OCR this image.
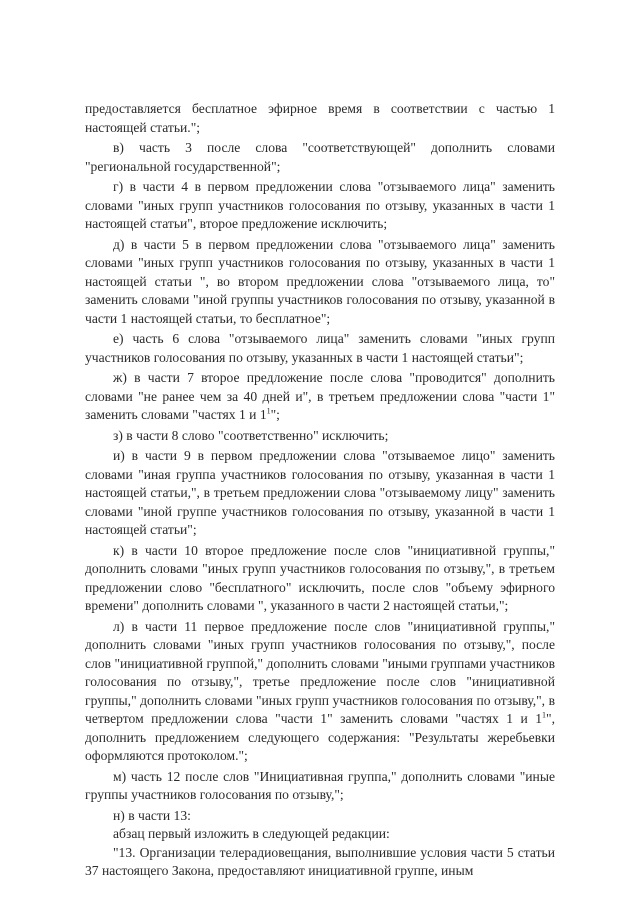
предоставляется бесплатное эфирное время в соответствии с частью 1 настоящей статьи.";

в) часть 3 после слова "соответствующей" дополнить словами "региональной государственной";

г) в части 4 в первом предложении слова "отзываемого лица" заменить словами "иных групп участников голосования по отзыву, указанных в части 1 настоящей статьи", второе предложение исключить;

д) в части 5 в первом предложении слова "отзываемого лица" заменить словами "иных групп участников голосования по отзыву, указанных в части 1 настоящей статьи ", во втором предложении слова "отзываемого лица, то" заменить словами "иной группы участников голосования по отзыву, указанной в части 1 настоящей статьи, то бесплатное";

е) часть 6 слова "отзываемого лица" заменить словами "иных групп участников голосования по отзыву, указанных в части 1 настоящей статьи";

ж) в части 7 второе предложение после слова "проводится" дополнить словами "не ранее чем за 40 дней и", в третьем предложении слова "части 1" заменить словами "частях 1 и $1^1$";

з) в части 8 слово "соответственно" исключить;

и) в части 9 в первом предложении слова "отзываемое лицо" заменить словами "иная группа участников голосования по отзыву, указанная в части 1 настоящей статьи,", в третьем предложении слова "отзываемому лицу" заменить словами "иной группе участников голосования по отзыву, указанной в части 1 настоящей статьи";

к) в части 10 второе предложение после слов "инициативной группы," дополнить словами "иных групп участников голосования по отзыву,", в третьем предложении слово "бесплатного" исключить, после слов "объему эфирного времени" дополнить словами ", указанного в части 2 настоящей статьи,";

л) в части 11 первое предложение после слов "инициативной группы," дополнить словами "иных групп участников голосования по отзыву,", после слов "инициативной группой," дополнить словами "иными группами участников голосования по отзыву,", третье предложение после слов "инициативной группы," дополнить словами "иных групп участников голосования по отзыву,", в четвертом предложении слова "части 1" заменить словами "частях 1 и $1^1$", дополнить предложением следующего содержания: "Результаты жеребьевки оформляются протоколом.";

м) часть 12 после слов "Инициативная группа," дополнить словами "иные группы участников голосования по отзыву,";

н) в части 13:

абзац первый изложить в следующей редакции:

"13. Организации телерадиовещания, выполнившие условия части 5 статьи 37 настоящего Закона, предоставляют инициативной группе, иным
